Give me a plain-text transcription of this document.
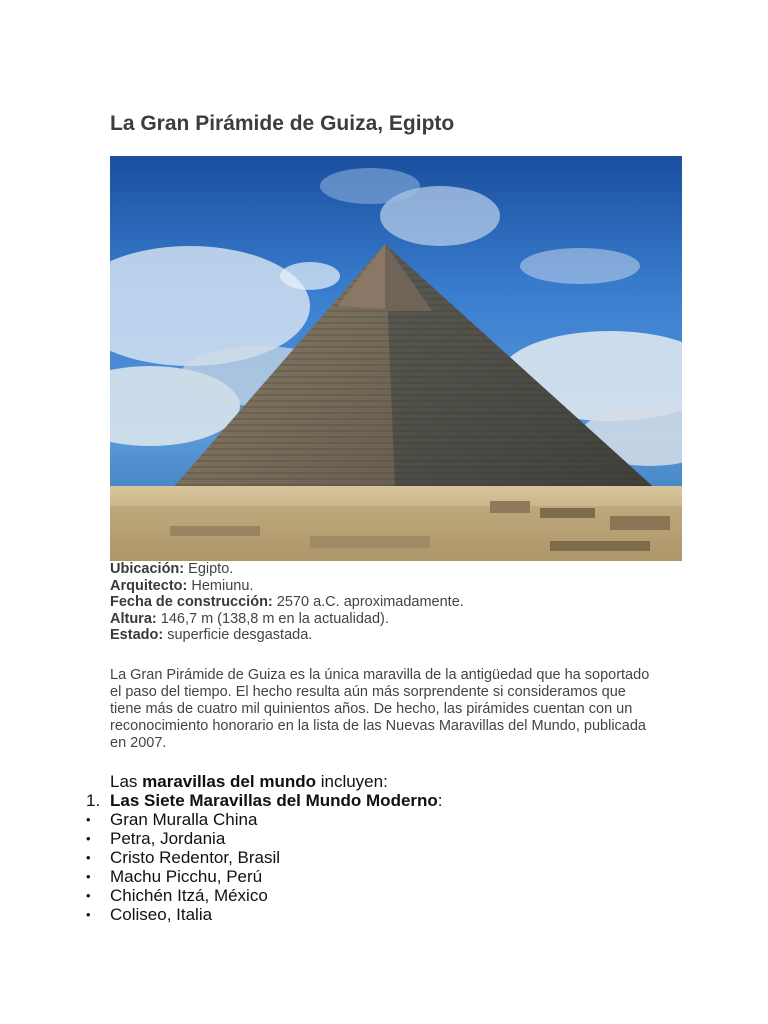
La Gran Pirámide de Guiza, Egipto
Ubicación: Egipto.
Arquitecto: Hemiunu.
Fecha de construcción: 2570 a.C. aproximadamente.
Altura: 146,7 m (138,8 m en la actualidad).
Estado: superficie desgastada.

La Gran Pirámide de Guiza es la única maravilla de la antigüedad que ha soportado el paso del tiempo. El hecho resulta aún más sorprendente si consideramos que tiene más de cuatro mil quinientos años. De hecho, las pirámides cuentan con un reconocimiento honorario en la lista de las Nuevas Maravillas del Mundo, publicada en 2007.

Las maravillas del mundo incluyen:
1. Las Siete Maravillas del Mundo Moderno:
• Gran Muralla China
• Petra, Jordania
• Cristo Redentor, Brasil
• Machu Picchu, Perú
• Chichén Itzá, México
• Coliseo, Italia
